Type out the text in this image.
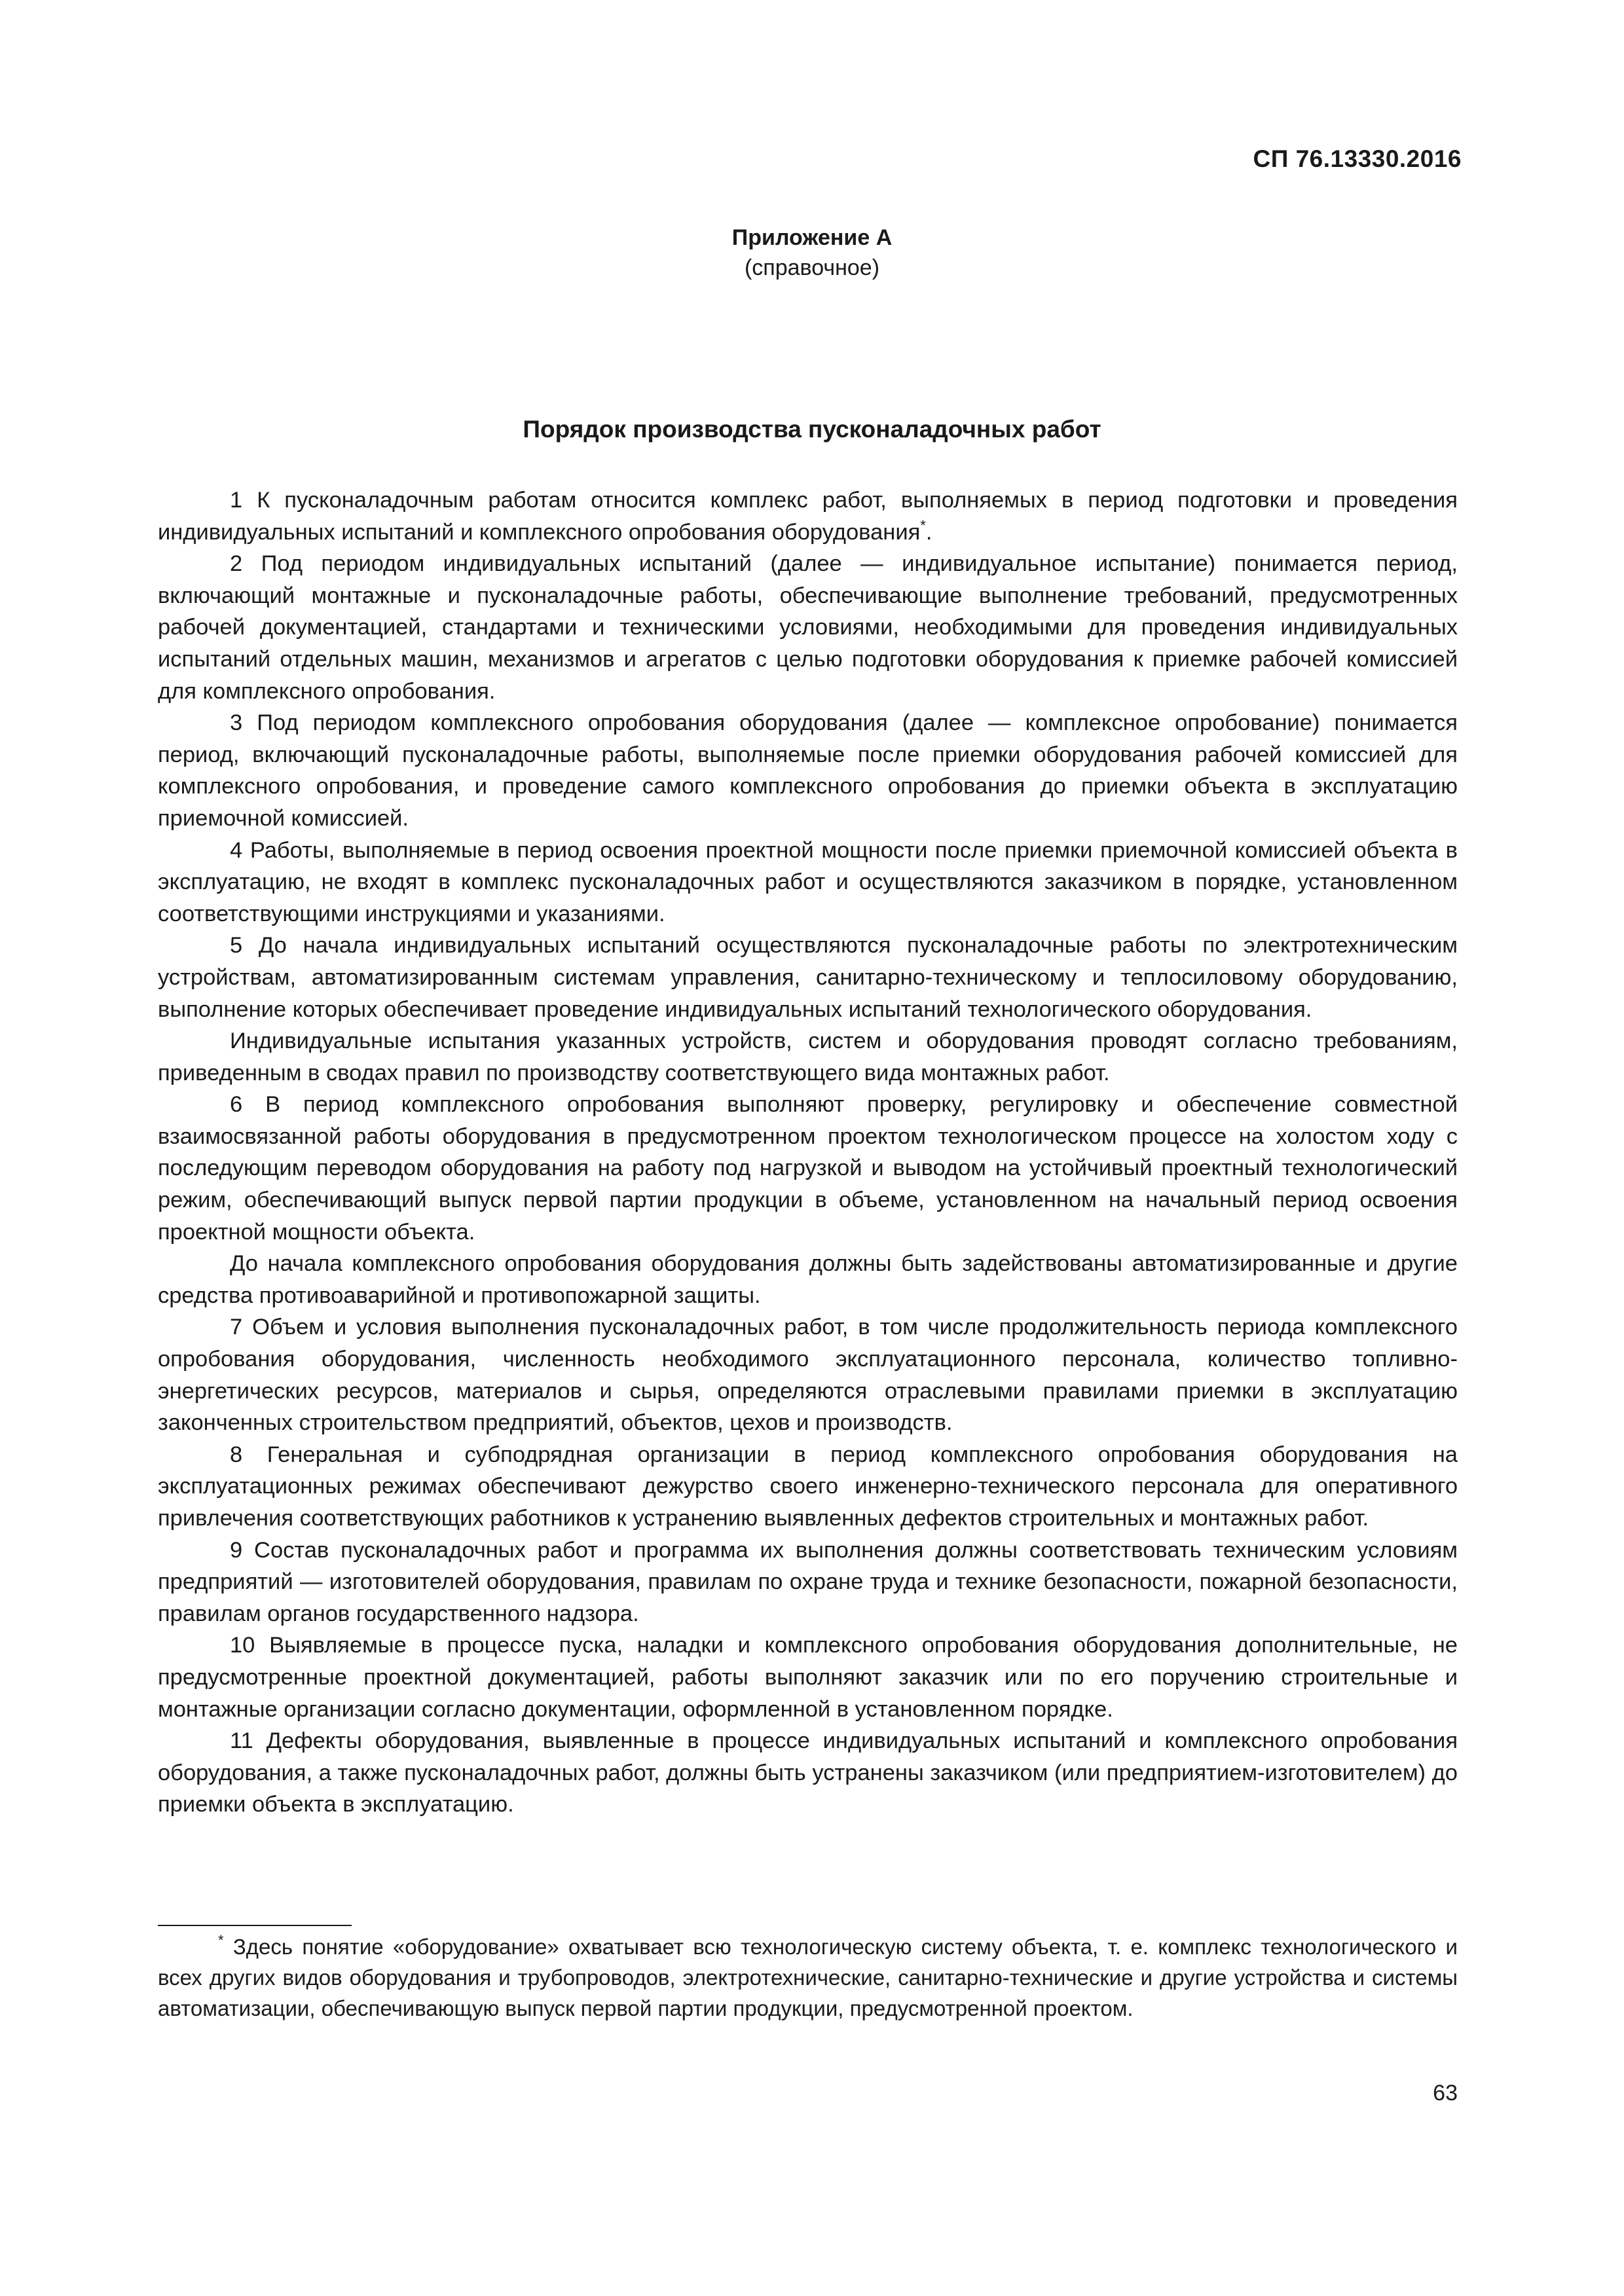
СП 76.13330.2016
Приложение А
(справочное)
Порядок производства пусконаладочных работ

1 К пусконаладочным работам относится комплекс работ, выполняемых в период подготовки и проведения индивидуальных испытаний и комплексного опробования оборудования*.

2 Под периодом индивидуальных испытаний (далее — индивидуальное испытание) понимается период, включающий монтажные и пусконаладочные работы, обеспечивающие выполнение требований, предусмотренных рабочей документацией, стандартами и техническими условиями, необходимыми для проведения индивидуальных испытаний отдельных машин, механизмов и агрегатов с целью подготовки оборудования к приемке рабочей комиссией для комплексного опробования.

3 Под периодом комплексного опробования оборудования (далее — комплексное опробование) понимается период, включающий пусконаладочные работы, выполняемые после приемки оборудования рабочей комиссией для комплексного опробования, и проведение самого комплексного опробования до приемки объекта в эксплуатацию приемочной комиссией.

4 Работы, выполняемые в период освоения проектной мощности после приемки приемочной комиссией объекта в эксплуатацию, не входят в комплекс пусконаладочных работ и осуществляются заказчиком в порядке, установленном соответствующими инструкциями и указаниями.

5 До начала индивидуальных испытаний осуществляются пусконаладочные работы по электротехническим устройствам, автоматизированным системам управления, санитарно-техническому и теплосиловому оборудованию, выполнение которых обеспечивает проведение индивидуальных испытаний технологического оборудования.

Индивидуальные испытания указанных устройств, систем и оборудования проводят согласно требованиям, приведенным в сводах правил по производству соответствующего вида монтажных работ.

6 В период комплексного опробования выполняют проверку, регулировку и обеспечение совместной взаимосвязанной работы оборудования в предусмотренном проектом технологическом процессе на холостом ходу с последующим переводом оборудования на работу под нагрузкой и выводом на устойчивый проектный технологический режим, обеспечивающий выпуск первой партии продукции в объеме, установленном на начальный период освоения проектной мощности объекта.

До начала комплексного опробования оборудования должны быть задействованы автоматизированные и другие средства противоаварийной и противопожарной защиты.

7 Объем и условия выполнения пусконаладочных работ, в том числе продолжительность периода комплексного опробования оборудования, численность необходимого эксплуатационного персонала, количество топливно-энергетических ресурсов, материалов и сырья, определяются отраслевыми правилами приемки в эксплуатацию законченных строительством предприятий, объектов, цехов и производств.

8 Генеральная и субподрядная организации в период комплексного опробования оборудования на эксплуатационных режимах обеспечивают дежурство своего инженерно-технического персонала для оперативного привлечения соответствующих работников к устранению выявленных дефектов строительных и монтажных работ.

9 Состав пусконаладочных работ и программа их выполнения должны соответствовать техническим условиям предприятий — изготовителей оборудования, правилам по охране труда и технике безопасности, пожарной безопасности, правилам органов государственного надзора.

10 Выявляемые в процессе пуска, наладки и комплексного опробования оборудования дополнительные, не предусмотренные проектной документацией, работы выполняют заказчик или по его поручению строительные и монтажные организации согласно документации, оформленной в установленном порядке.

11 Дефекты оборудования, выявленные в процессе индивидуальных испытаний и комплексного опробования оборудования, а также пусконаладочных работ, должны быть устранены заказчиком (или предприятием-изготовителем) до приемки объекта в эксплуатацию.

* Здесь понятие «оборудование» охватывает всю технологическую систему объекта, т. е. комплекс технологического и всех других видов оборудования и трубопроводов, электротехнические, санитарно-технические и другие устройства и системы автоматизации, обеспечивающую выпуск первой партии продукции, предусмотренной проектом.

63
